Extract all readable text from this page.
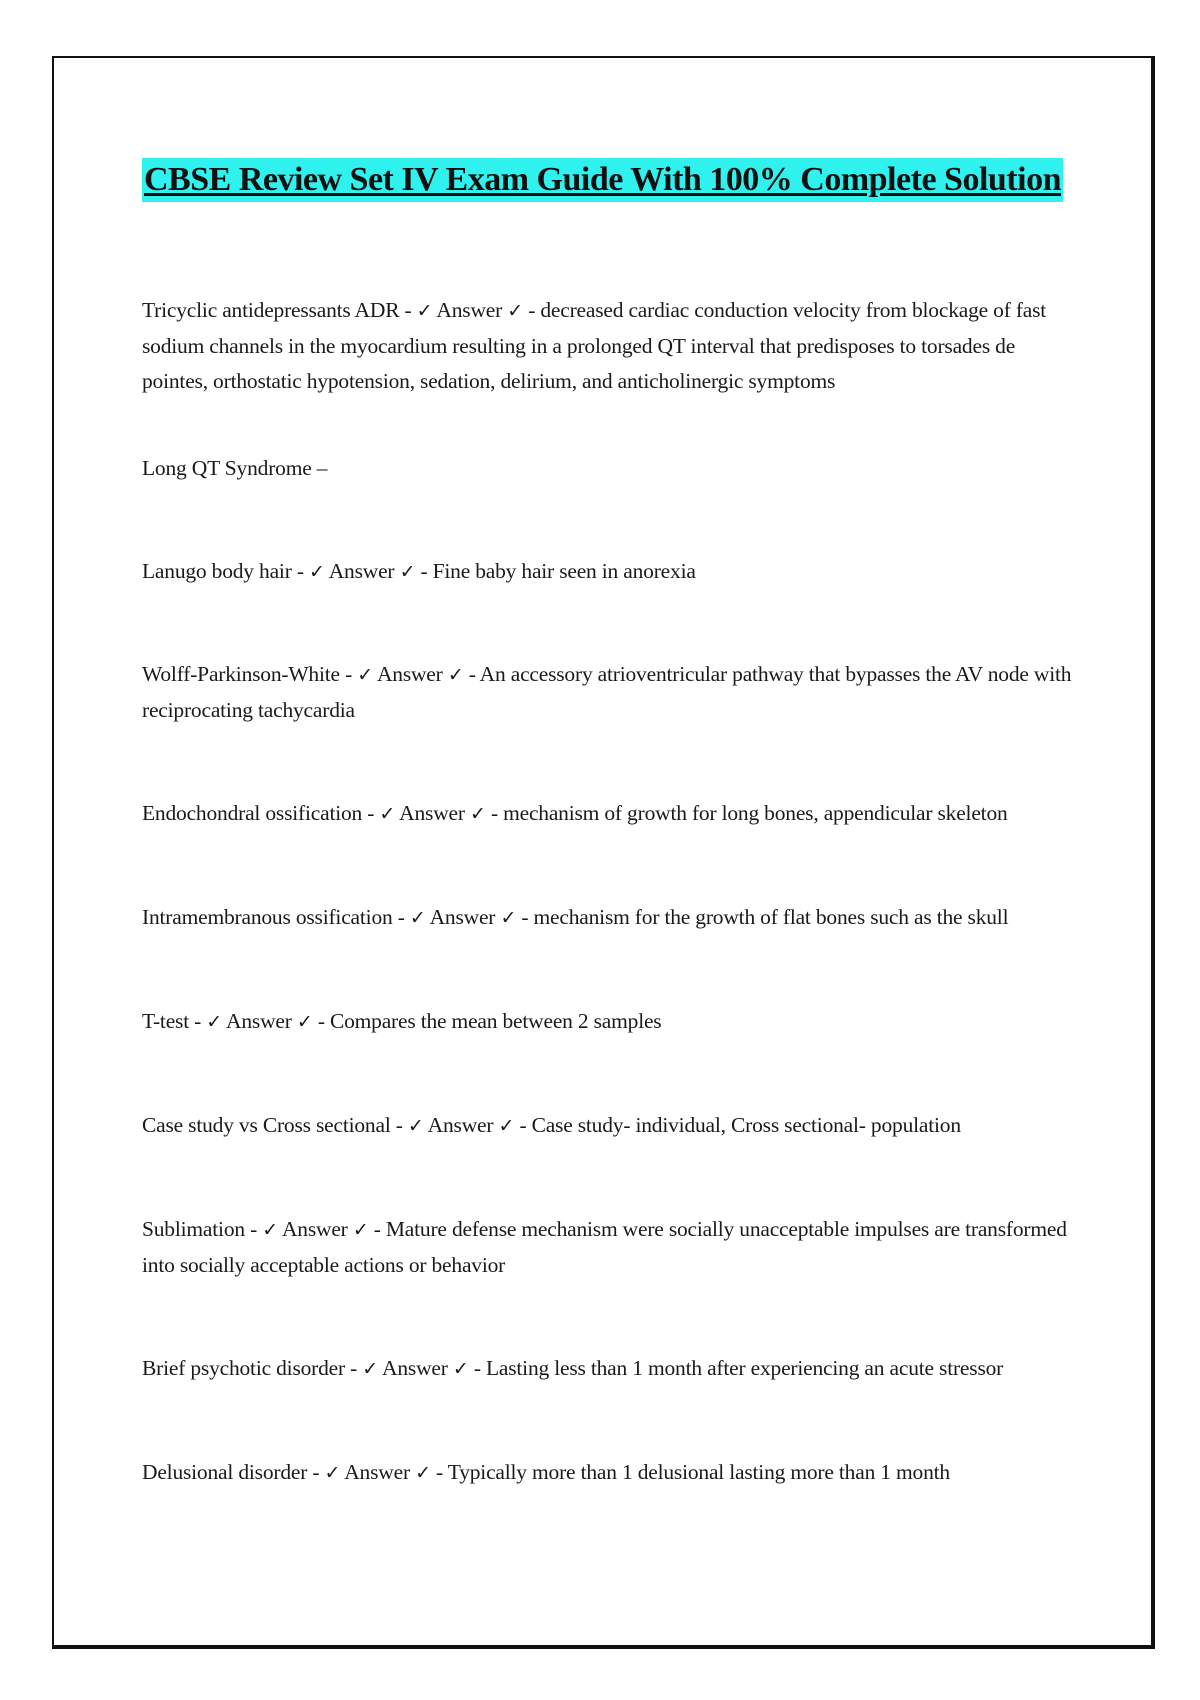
CBSE Review Set IV Exam Guide With 100% Complete Solution
Tricyclic antidepressants ADR - ✓ Answer ✓ - decreased cardiac conduction velocity from blockage of fast sodium channels in the myocardium resulting in a prolonged QT interval that predisposes to torsades de pointes, orthostatic hypotension, sedation, delirium, and anticholinergic symptoms
Long QT Syndrome –
Lanugo body hair - ✓ Answer ✓ - Fine baby hair seen in anorexia
Wolff-Parkinson-White - ✓ Answer ✓ - An accessory atrioventricular pathway that bypasses the AV node with reciprocating tachycardia
Endochondral ossification - ✓ Answer ✓ - mechanism of growth for long bones, appendicular skeleton
Intramembranous ossification - ✓ Answer ✓ - mechanism for the growth of flat bones such as the skull
T-test - ✓ Answer ✓ - Compares the mean between 2 samples
Case study vs Cross sectional - ✓ Answer ✓ - Case study- individual, Cross sectional- population
Sublimation - ✓ Answer ✓ - Mature defense mechanism were socially unacceptable impulses are transformed into socially acceptable actions or behavior
Brief psychotic disorder - ✓ Answer ✓ - Lasting less than 1 month after experiencing an acute stressor
Delusional disorder - ✓ Answer ✓ - Typically more than 1 delusional lasting more than 1 month
